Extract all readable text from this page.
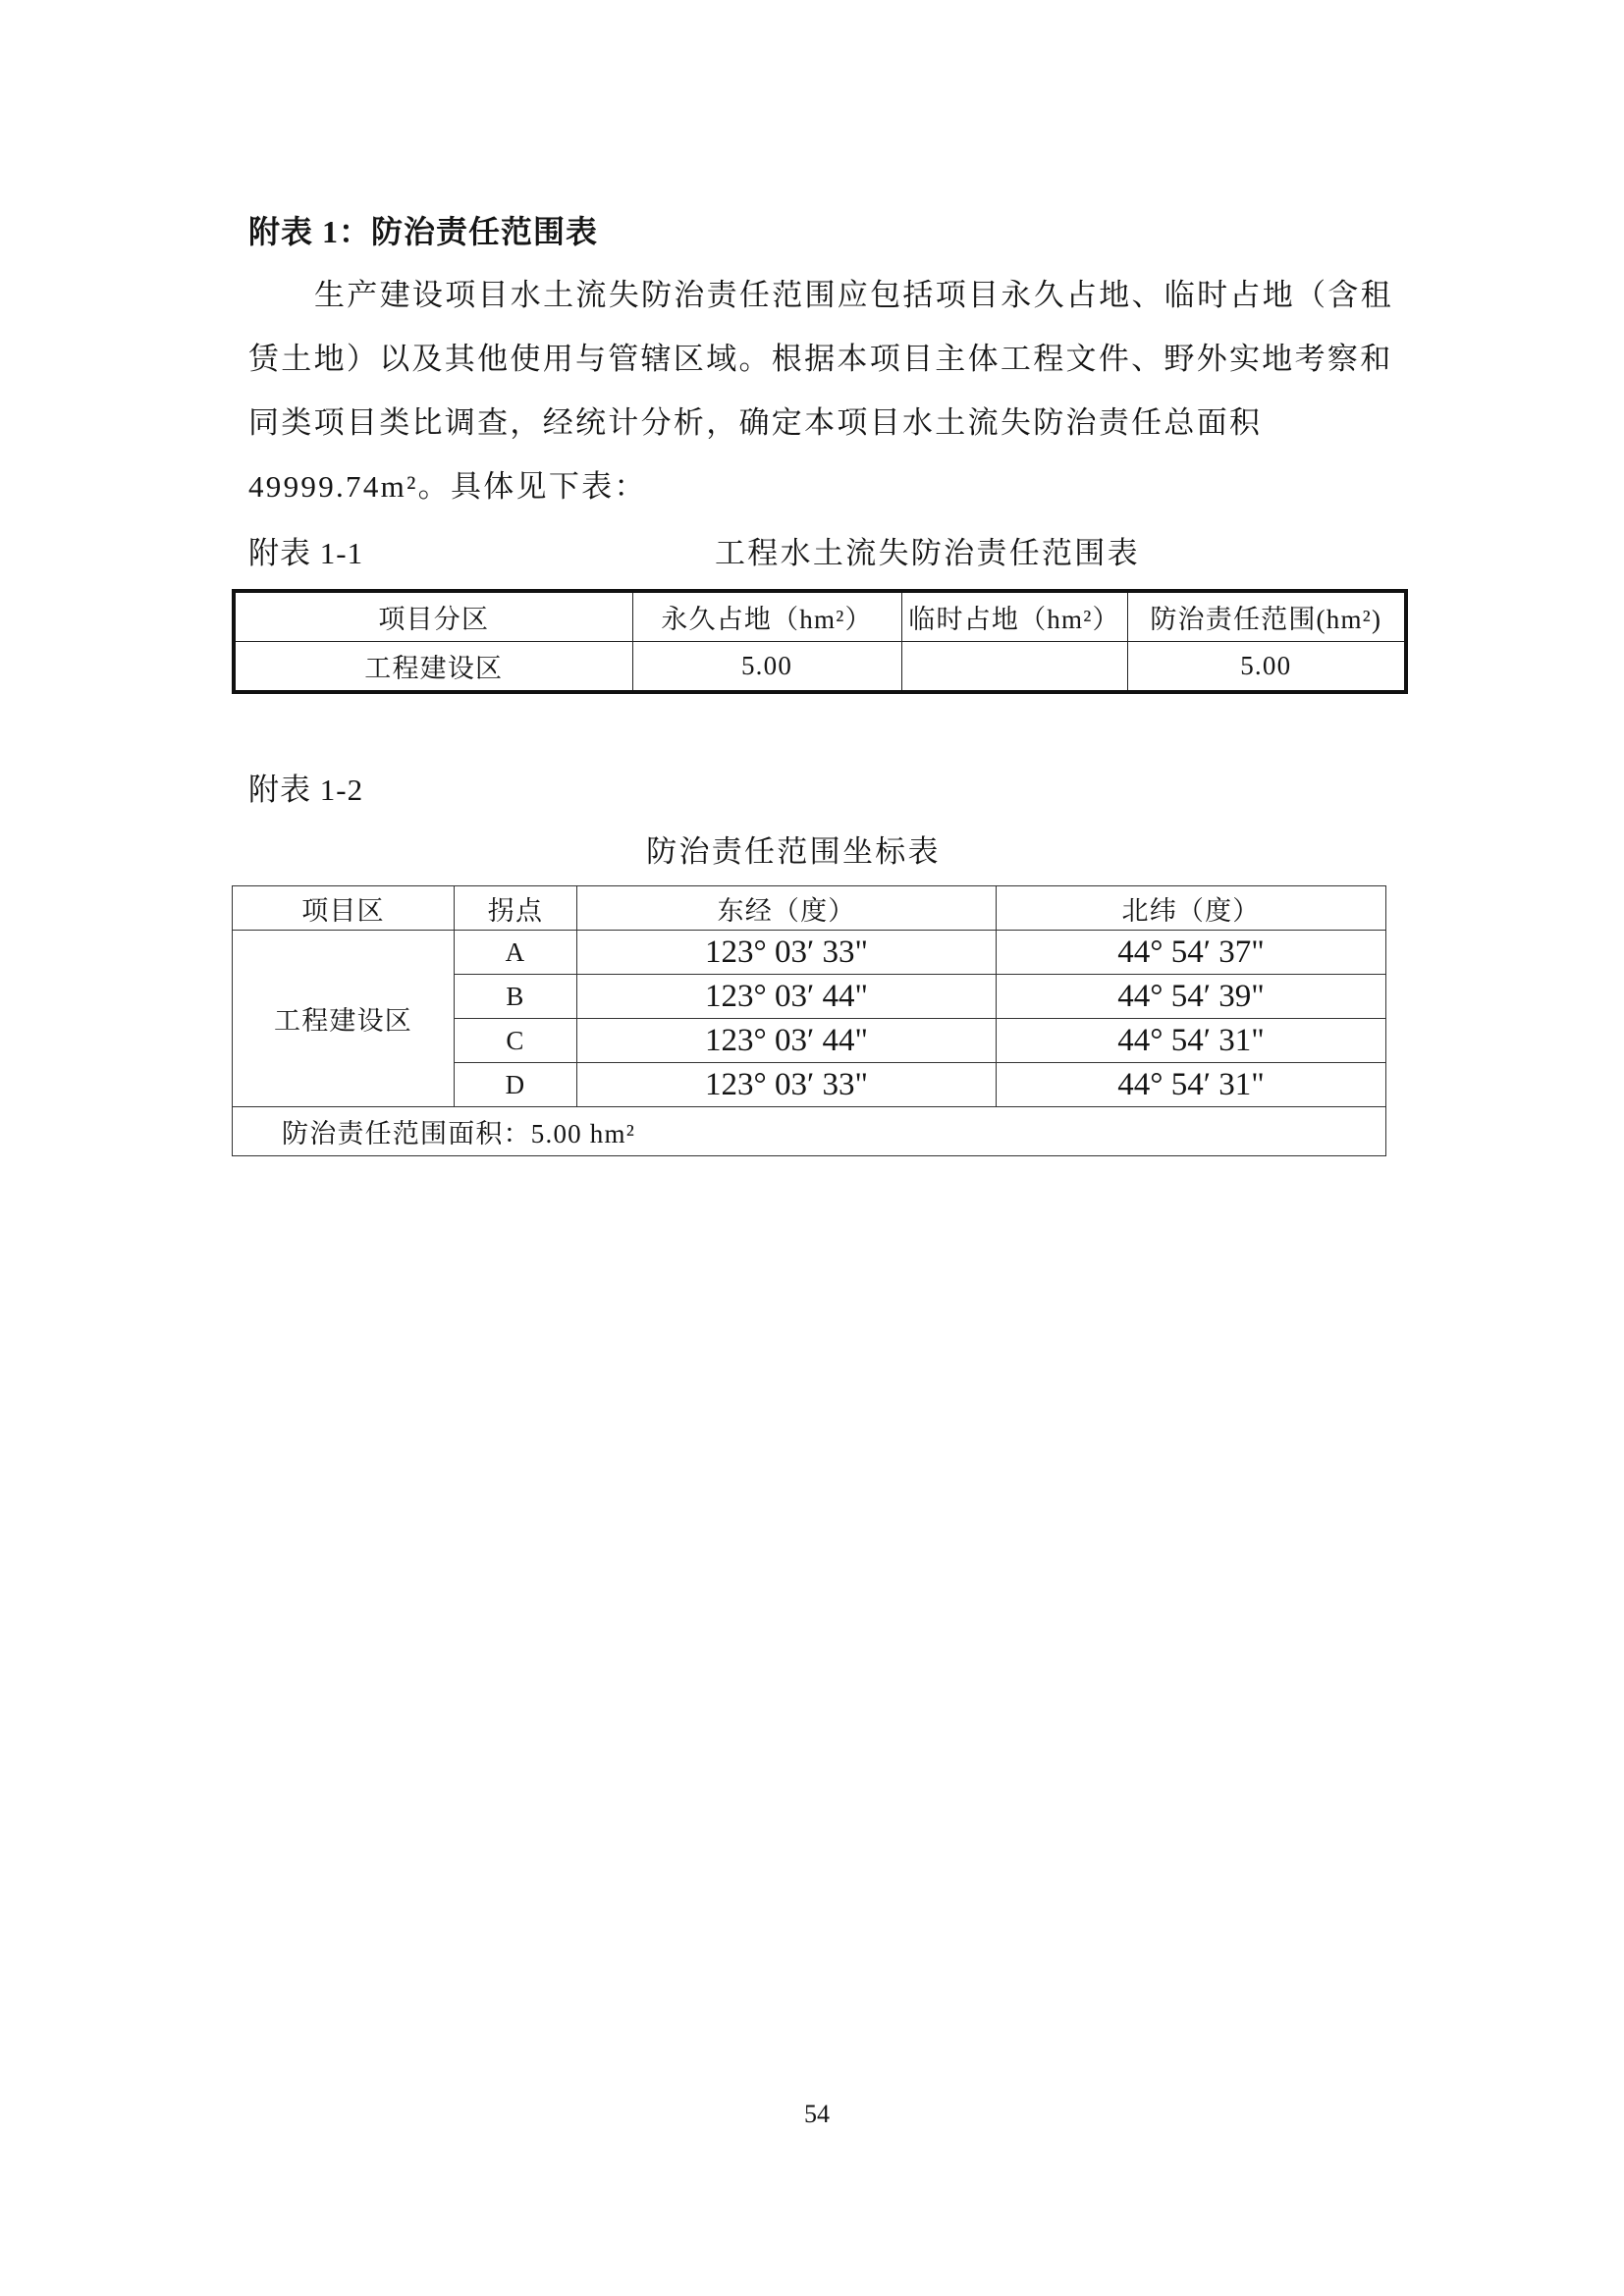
附表 1：防治责任范围表
生产建设项目水土流失防治责任范围应包括项目永久占地、临时占地（含租
赁土地）以及其他使用与管辖区域。根据本项目主体工程文件、野外实地考察和
同类项目类比调查，经统计分析，确定本项目水土流失防治责任总面积
49999.74m²。具体见下表：
附表 1-1	工程水土流失防治责任范围表
项目分区	永久占地（hm²）	临时占地（hm²）	防治责任范围(hm²)
工程建设区	5.00		5.00
附表 1-2
防治责任范围坐标表
项目区	拐点	东经（度）	北纬（度）
工程建设区	A	123° 03′ 33"	44° 54′ 37"
	B	123° 03′ 44"	44° 54′ 39"
	C	123° 03′ 44"	44° 54′ 31"
	D	123° 03′ 33"	44° 54′ 31"
防治责任范围面积：5.00 hm²			
54
